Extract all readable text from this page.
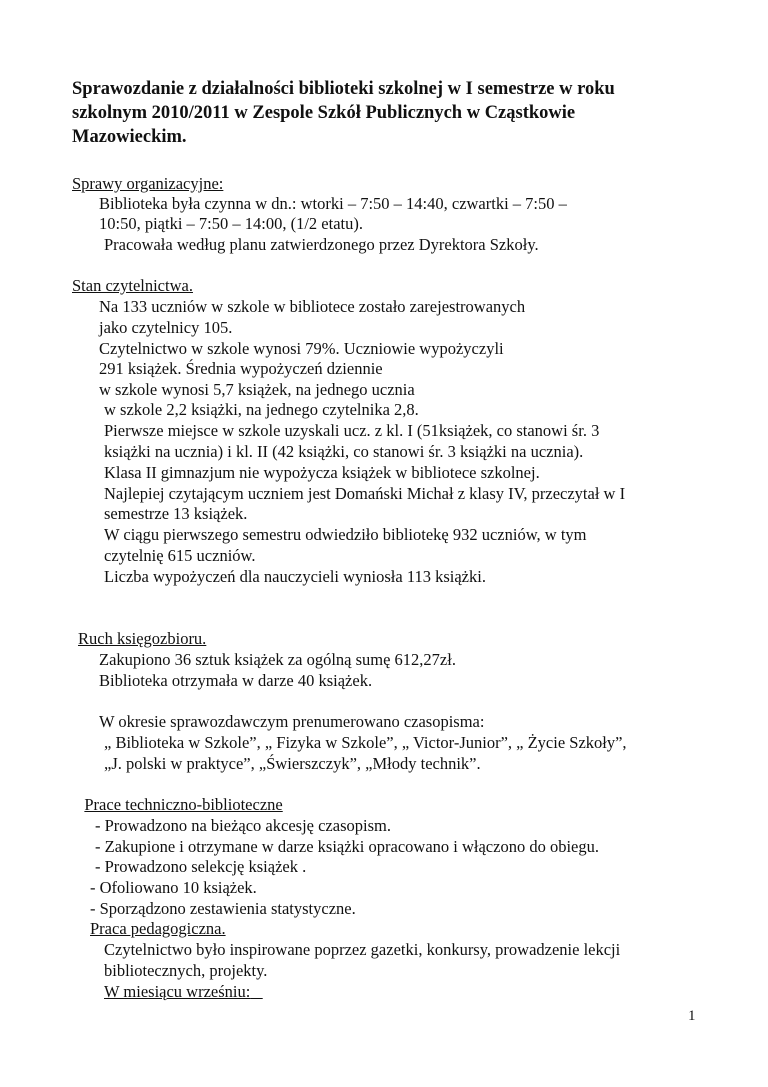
Sprawozdanie z działalności biblioteki szkolnej w I semestrze w roku
szkolnym 2010/2011 w Zespole Szkół Publicznych w Cząstkowie
Mazowieckim.
Sprawy organizacyjne:
Biblioteka była czynna w dn.: wtorki – 7:50 – 14:40, czwartki – 7:50 –
10:50, piątki – 7:50 – 14:00, (1/2 etatu).
Pracowała według planu zatwierdzonego przez Dyrektora Szkoły.
Stan czytelnictwa.
Na 133 uczniów w szkole w bibliotece zostało zarejestrowanych
jako czytelnicy 105.
Czytelnictwo w szkole wynosi 79%. Uczniowie wypożyczyli
291 książek. Średnia wypożyczeń dziennie
w szkole wynosi 5,7 książek, na jednego ucznia
w szkole 2,2 książki, na jednego czytelnika 2,8.
Pierwsze miejsce w szkole uzyskali ucz. z kl. I (51książek, co stanowi śr. 3
książki na ucznia) i kl. II (42 książki, co stanowi śr. 3 książki na ucznia).
Klasa II gimnazjum nie wypożycza książek w bibliotece szkolnej.
Najlepiej czytającym uczniem jest Domański Michał z klasy IV, przeczytał w I
semestrze 13 książek.
W ciągu pierwszego semestru odwiedziło bibliotekę 932 uczniów, w tym
czytelnię 615 uczniów.
Liczba wypożyczeń dla nauczycieli wyniosła 113 książki.
Ruch księgozbioru.
Zakupiono 36 sztuk książek za ogólną sumę 612,27zł.
Biblioteka otrzymała w darze 40 książek.
W okresie sprawozdawczym prenumerowano czasopisma:
„ Biblioteka w Szkole”, „ Fizyka w Szkole”, „ Victor-Junior”, „ Życie Szkoły”,
„J. polski w praktyce”, „Świerszczyk”, „Młody technik”.
Prace techniczno-biblioteczne
- Prowadzono na bieżąco akcesję czasopism.
- Zakupione i otrzymane w darze książki opracowano i włączono do obiegu.
- Prowadzono selekcję książek .
- Ofoliowano 10 książek.
- Sporządzono zestawienia statystyczne.
Praca pedagogiczna.
Czytelnictwo było inspirowane poprzez gazetki, konkursy, prowadzenie lekcji
bibliotecznych, projekty.
W miesiącu wrześniu:
1
